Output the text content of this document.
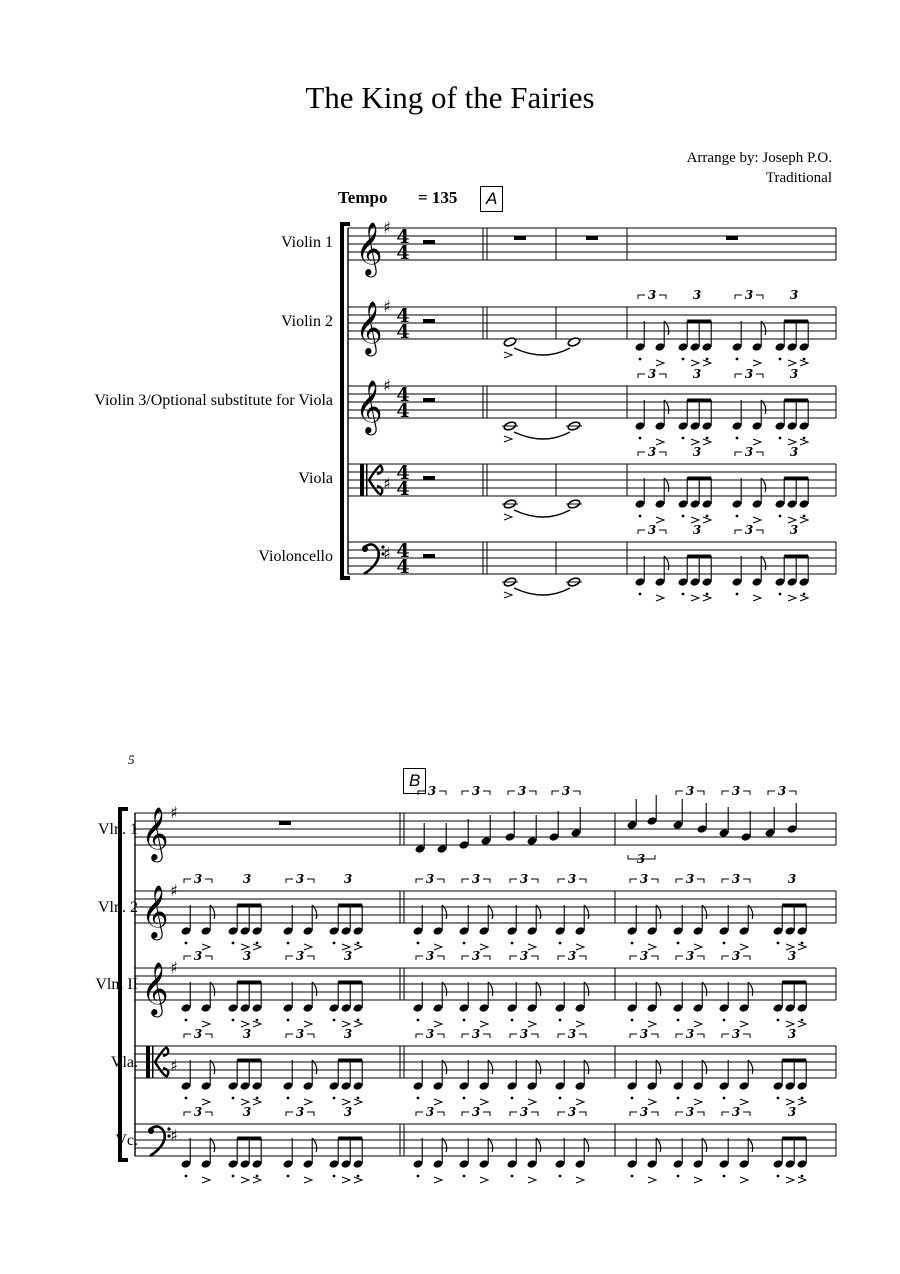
The King of the Fairies
Arrange by: Joseph P.O.
Traditional
Tempo = 135	A
B
5
Violin 1
Violin 2
Violin 3/Optional substitute for Viola
Viola
Violoncello
Vln. 1
Vln. 2
Vln. II
Vla.
Vc.
𝄞 ♯ 4
4
𝄞 ♯ 4
4
3	3	3	3
𝄞 ♯ 4
4
3	3	3	3
♯ 4
4
3	3	3	3
♯ 4
4
3	3	3	3
𝄞 ♯
3	3	3	3	3	3	3
3
𝄞 ♯
3	3	3	3	3	3	3	3	3	3	3	3
𝄞 ♯
3	3	3	3	3	3	3	3	3	3	3	3
♯
3	3	3	3	3	3	3	3	3	3	3	3
♯
3	3	3	3	3	3	3	3	3	3	3	3
